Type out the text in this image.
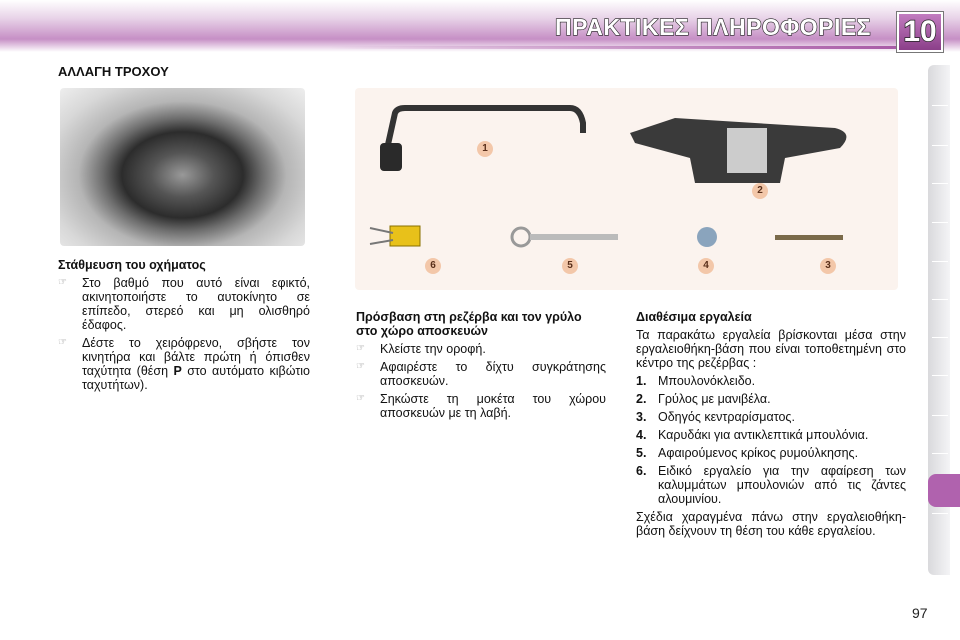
ΠΡΑΚΤΙΚΕΣ ΠΛΗΡΟΦΟΡΙΕΣ 10
ΑΛΛΑΓΗ ΤΡΟΧΟΥ
1
2
3
4
5
6
Στάθμευση του οχήματος
☞	Στο βαθμό που αυτό είναι εφικτό, ακινητοποιήστε το αυτοκίνητο σε επίπεδο, στερεό και μη ολισθηρό έδαφος.
☞	Δέστε το χειρόφρενο, σβήστε τον κινητήρα και βάλτε πρώτη ή όπισθεν ταχύτητα (θέση P στο αυτόματο κιβώτιο ταχυτήτων).
Πρόσβαση στη ρεζέρβα και τον γρύλο στο χώρο αποσκευών
☞	Κλείστε την οροφή.
☞	Αφαιρέστε το δίχτυ συγκράτησης αποσκευών.
☞	Σηκώστε τη μοκέτα του χώρου αποσκευών με τη λαβή.
Διαθέσιμα εργαλεία

Τα παρακάτω εργαλεία βρίσκονται μέσα στην εργαλειοθήκη-βάση που είναι τοποθετημένη στο κέντρο της ρεζέρβας :

1. Μπουλονόκλειδο.
2. Γρύλος με μανιβέλα.
3. Οδηγός κεντραρίσματος.
4. Καρυδάκι για αντικλεπτικά μπουλόνια.
5. Αφαιρούμενος κρίκος ρυμούλκησης.
6. Ειδικό εργαλείο για την αφαίρεση των καλυμμάτων μπουλονιών από τις ζάντες αλουμινίου.

Σχέδια χαραγμένα πάνω στην εργαλειοθήκη-βάση δείχνουν τη θέση του κάθε εργαλείου.

97
